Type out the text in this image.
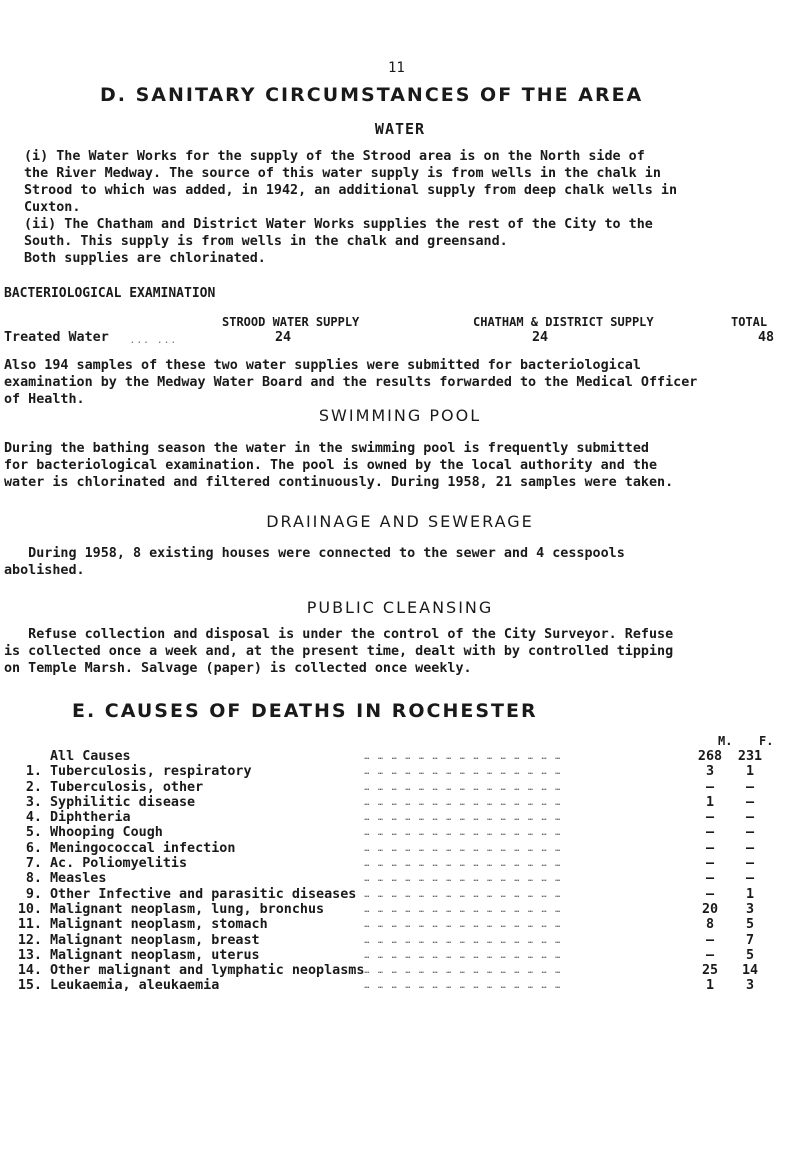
11
D. SANITARY CIRCUMSTANCES OF THE AREA
WATER
(i) The Water Works for the supply of the Strood area is on the North side of
the River Medway. The source of this water supply is from wells in the chalk in
Strood to which was added, in 1942, an additional supply from deep chalk wells in
Cuxton.
(ii) The Chatham and District Water Works supplies the rest of the City to the
South. This supply is from wells in the chalk and greensand.
Both supplies are chlorinated.
BACTERIOLOGICAL EXAMINATION
STROOD WATER SUPPLY	CHATHAM & DISTRICT SUPPLY	TOTAL
Treated Water	... ...	24	24	48
Also 194 samples of these two water supplies were submitted for bacteriological
examination by the Medway Water Board and the results forwarded to the Medical Officer
of Health.
SWIMMING POOL
During the bathing season the water in the swimming pool is frequently submitted
for bacteriological examination. The pool is owned by the local authority and the
water is chlorinated and filtered continuously. During 1958, 21 samples were taken.
DRAIINAGE AND SEWERAGE
During 1958, 8 existing houses were connected to the sewer and 4 cesspools
abolished.
PUBLIC CLEANSING
Refuse collection and disposal is under the control of the City Surveyor. Refuse
is collected once a week and, at the present time, dealt with by controlled tipping
on Temple Marsh. Salvage (paper) is collected once weekly.
E. CAUSES OF DEATHS IN ROCHESTER
M. F.
	All Causes	… … … … … … … … … … … … … … …	268	231	
1.	Tuberculosis, respiratory	… … … … … … … … … … … … … … …	3	1	
2.	Tuberculosis, other	… … … … … … … … … … … … … … …	–	–	
3.	Syphilitic disease	… … … … … … … … … … … … … … …	1	–	
4.	Diphtheria	… … … … … … … … … … … … … … …	–	–	
5.	Whooping Cough	… … … … … … … … … … … … … … …	–	–	
6.	Meningococcal infection	… … … … … … … … … … … … … … …	–	–	
7.	Ac. Poliomyelitis	… … … … … … … … … … … … … … …	–	–	
8.	Measles	… … … … … … … … … … … … … … …	–	–	
9.	Other Infective and parasitic diseases	… … … … … … … … … … … … … … …	–	1	
10.	Malignant neoplasm, lung, bronchus	… … … … … … … … … … … … … … …	20	3	
11.	Malignant neoplasm, stomach	… … … … … … … … … … … … … … …	8	5	
12.	Malignant neoplasm, breast	… … … … … … … … … … … … … … …	–	7	
13.	Malignant neoplasm, uterus	… … … … … … … … … … … … … … …	–	5	
14.	Other malignant and lymphatic neoplasms	… … … … … … … … … … … … … … …	25	14	
15.	Leukaemia, aleukaemia	… … … … … … … … … … … … … … …	1	3	
